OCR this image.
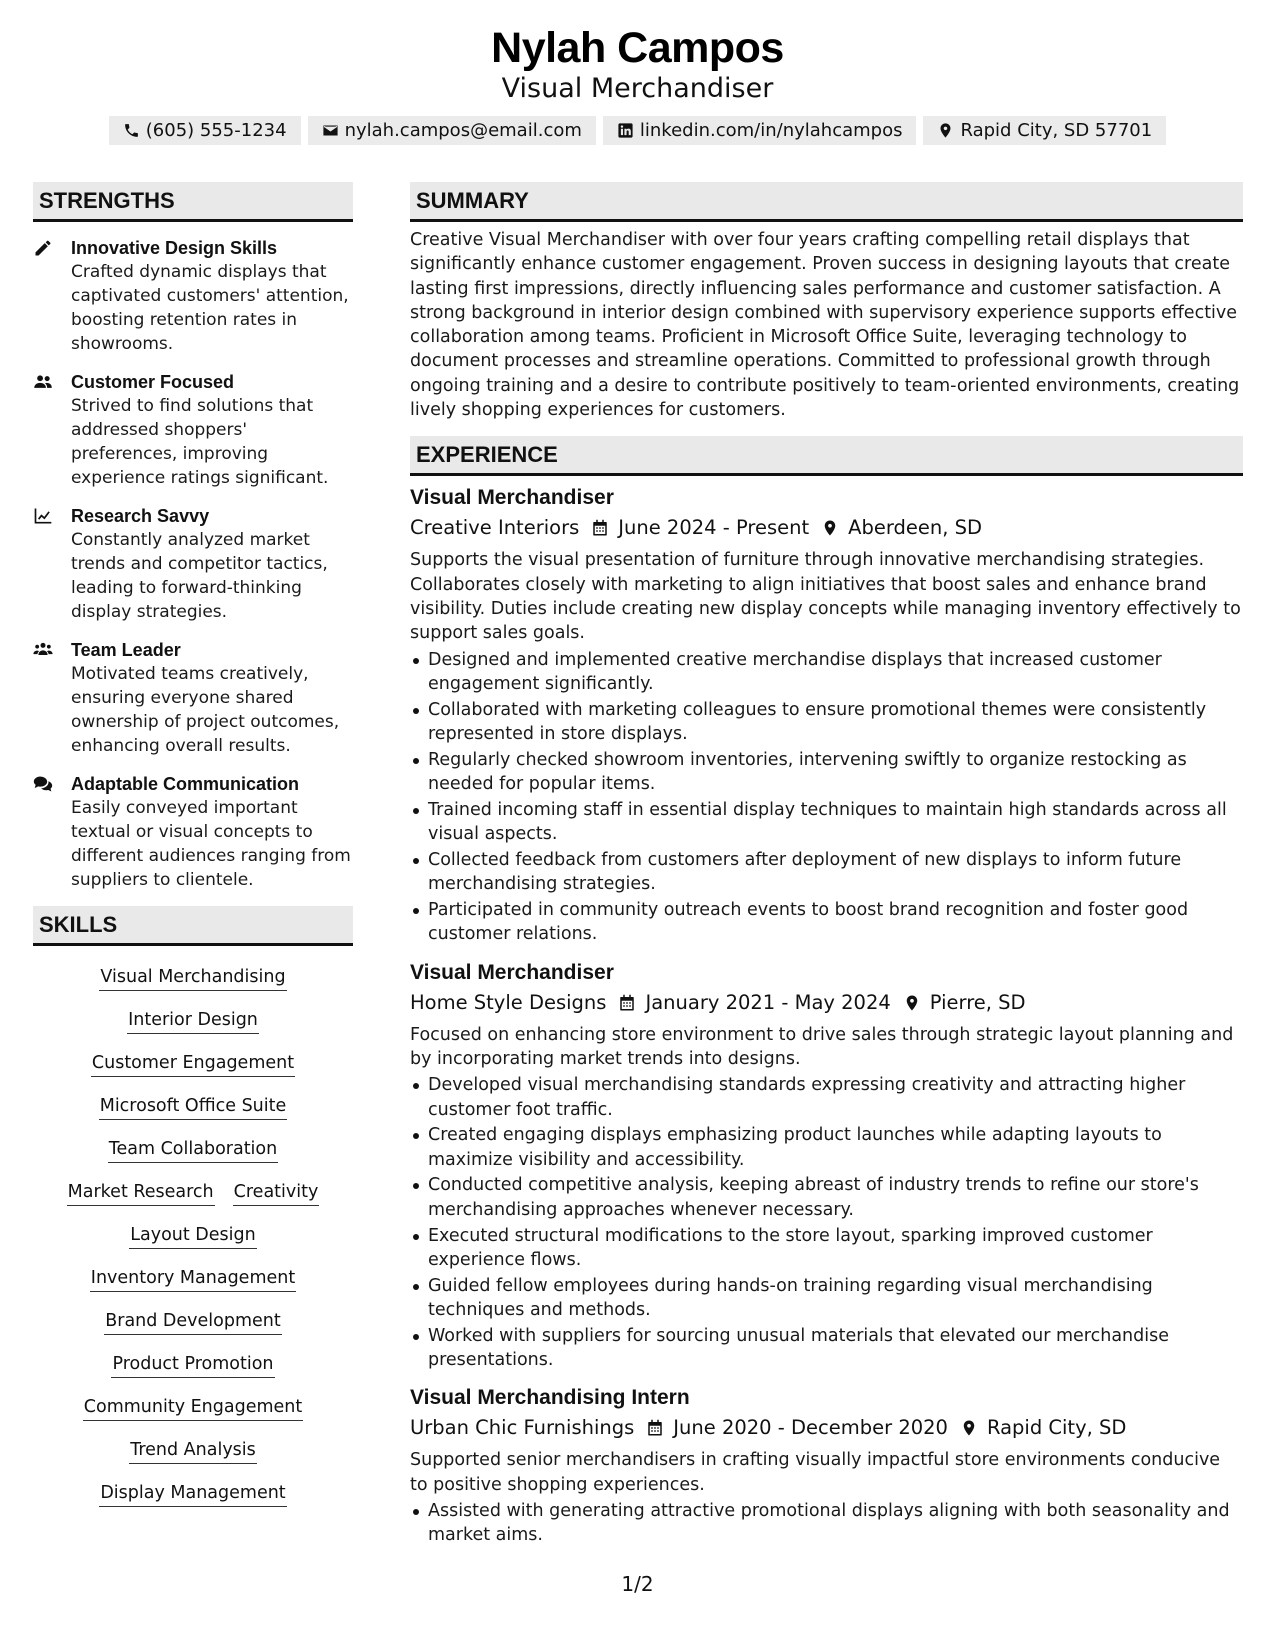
Nylah Campos
Visual Merchandiser
(605) 555-1234	nylah.campos@email.com	linkedin.com/in/nylahcampos	Rapid City, SD 57701
STRENGTHS
Innovative Design Skills
Crafted dynamic displays that captivated customers' attention, boosting retention rates in showrooms.
Customer Focused
Strived to find solutions that addressed shoppers' preferences, improving experience ratings significant.
Research Savvy
Constantly analyzed market trends and competitor tactics, leading to forward-thinking display strategies.
Team Leader
Motivated teams creatively, ensuring everyone shared ownership of project outcomes, enhancing overall results.
Adaptable Communication
Easily conveyed important textual or visual concepts to different audiences ranging from suppliers to clientele.
SKILLS
Visual Merchandising
Interior Design
Customer Engagement
Microsoft Office Suite
Team Collaboration
Market Research Creativity
Layout Design
Inventory Management
Brand Development
Product Promotion
Community Engagement
Trend Analysis
Display Management
SUMMARY

Creative Visual Merchandiser with over four years crafting compelling retail displays that significantly enhance customer engagement. Proven success in designing layouts that create lasting first impressions, directly influencing sales performance and customer satisfaction. A strong background in interior design combined with supervisory experience supports effective collaboration among teams. Proficient in Microsoft Office Suite, leveraging technology to document processes and streamline operations. Committed to professional growth through ongoing training and a desire to contribute positively to team-oriented environments, creating lively shopping experiences for customers.

EXPERIENCE
Visual Merchandiser
Creative Interiors June 2024 - Present Aberdeen, SD

Supports the visual presentation of furniture through innovative merchandising strategies. Collaborates closely with marketing to align initiatives that boost sales and enhance brand visibility. Duties include creating new display concepts while managing inventory effectively to support sales goals.

Designed and implemented creative merchandise displays that increased customer engagement significantly.
Collaborated with marketing colleagues to ensure promotional themes were consistently represented in store displays.
Regularly checked showroom inventories, intervening swiftly to organize restocking as needed for popular items.
Trained incoming staff in essential display techniques to maintain high standards across all visual aspects.
Collected feedback from customers after deployment of new displays to inform future merchandising strategies.
Participated in community outreach events to boost brand recognition and foster good customer relations.
Visual Merchandiser
Home Style Designs January 2021 - May 2024 Pierre, SD

Focused on enhancing store environment to drive sales through strategic layout planning and by incorporating market trends into designs.

Developed visual merchandising standards expressing creativity and attracting higher customer foot traffic.
Created engaging displays emphasizing product launches while adapting layouts to maximize visibility and accessibility.
Conducted competitive analysis, keeping abreast of industry trends to refine our store's merchandising approaches whenever necessary.
Executed structural modifications to the store layout, sparking improved customer experience flows.
Guided fellow employees during hands-on training regarding visual merchandising techniques and methods.
Worked with suppliers for sourcing unusual materials that elevated our merchandise presentations.
Visual Merchandising Intern
Urban Chic Furnishings June 2020 - December 2020 Rapid City, SD

Supported senior merchandisers in crafting visually impactful store environments conducive to positive shopping experiences.

Assisted with generating attractive promotional displays aligning with both seasonality and market aims.
1/2
